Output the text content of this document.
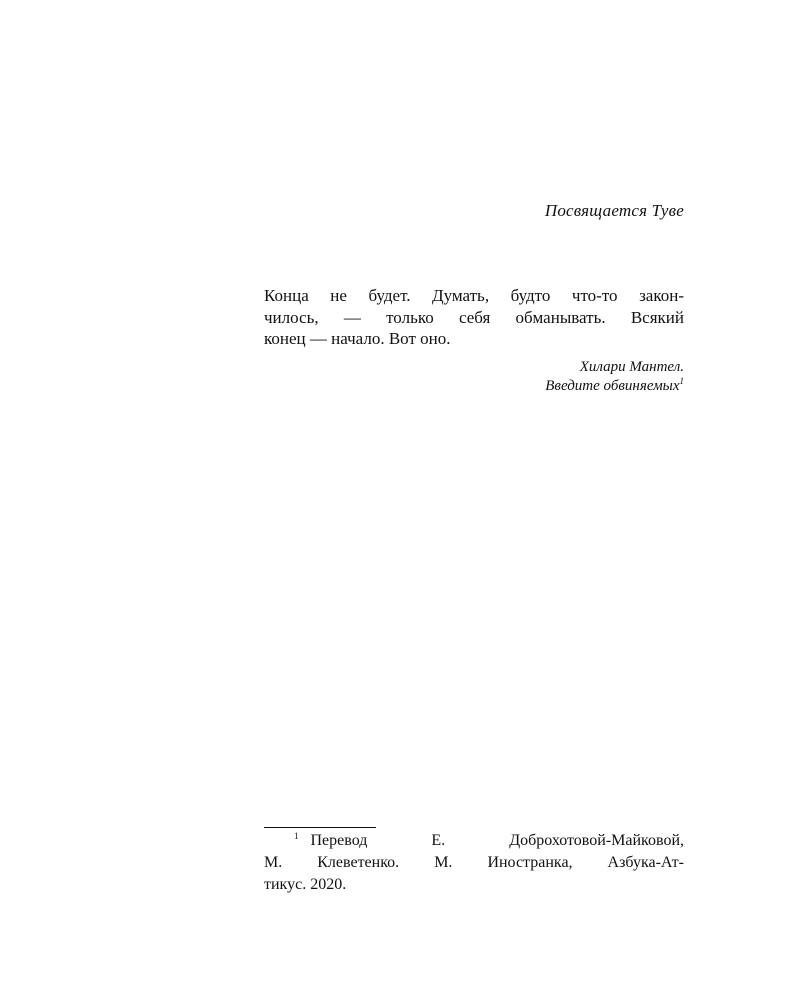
Посвящается Туве

Конца не будет. Думать, будто что-то закон-
чилось, — только себя обманывать. Всякий
конец — начало. Вот оно.

Хилари Мантел.
Введите обвиняемых$^1$
$^1$ Перевод Е. Доброхотовой-Майковой,
М. Клеветенко. М. Иностранка, Азбука-Ат-
тикус. 2020.
